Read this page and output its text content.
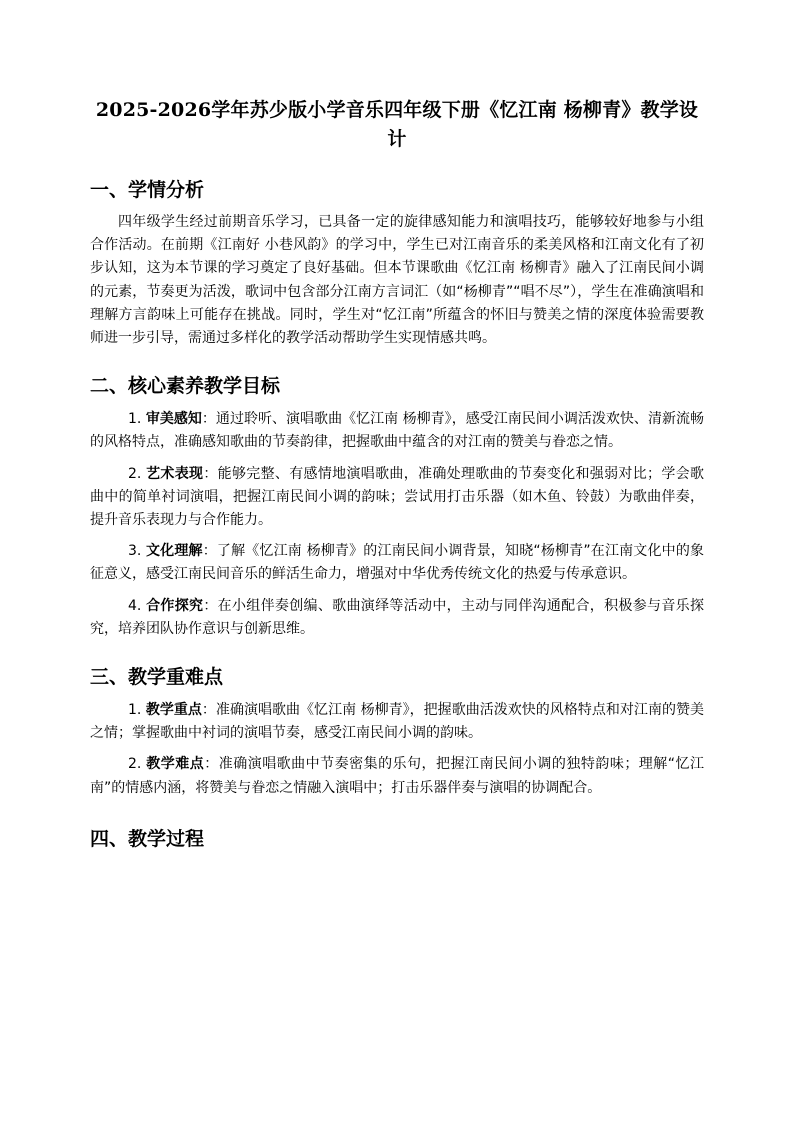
2025-2026学年苏少版小学音乐四年级下册《忆江南 杨柳青》教学设计
一、学情分析

四年级学生经过前期音乐学习，已具备一定的旋律感知能力和演唱技巧，能够较好地参与小组合作活动。在前期《江南好 小巷风韵》的学习中，学生已对江南音乐的柔美风格和江南文化有了初步认知，这为本节课的学习奠定了良好基础。但本节课歌曲《忆江南 杨柳青》融入了江南民间小调的元素，节奏更为活泼，歌词中包含部分江南方言词汇（如“杨柳青”“唱不尽”），学生在准确演唱和理解方言韵味上可能存在挑战。同时，学生对“忆江南”所蕴含的怀旧与赞美之情的深度体验需要教师进一步引导，需通过多样化的教学活动帮助学生实现情感共鸣。

二、核心素养教学目标

1. 审美感知：通过聆听、演唱歌曲《忆江南 杨柳青》，感受江南民间小调活泼欢快、清新流畅的风格特点，准确感知歌曲的节奏韵律，把握歌曲中蕴含的对江南的赞美与眷恋之情。

2. 艺术表现：能够完整、有感情地演唱歌曲，准确处理歌曲的节奏变化和强弱对比；学会歌曲中的简单衬词演唱，把握江南民间小调的韵味；尝试用打击乐器（如木鱼、铃鼓）为歌曲伴奏，提升音乐表现力与合作能力。

3. 文化理解：了解《忆江南 杨柳青》的江南民间小调背景，知晓“杨柳青”在江南文化中的象征意义，感受江南民间音乐的鲜活生命力，增强对中华优秀传统文化的热爱与传承意识。

4. 合作探究：在小组伴奏创编、歌曲演绎等活动中，主动与同伴沟通配合，积极参与音乐探究，培养团队协作意识与创新思维。

三、教学重难点

1. 教学重点：准确演唱歌曲《忆江南 杨柳青》，把握歌曲活泼欢快的风格特点和对江南的赞美之情；掌握歌曲中衬词的演唱节奏，感受江南民间小调的韵味。

2. 教学难点：准确演唱歌曲中节奏密集的乐句，把握江南民间小调的独特韵味；理解“忆江南”的情感内涵，将赞美与眷恋之情融入演唱中；打击乐器伴奏与演唱的协调配合。

四、教学过程
